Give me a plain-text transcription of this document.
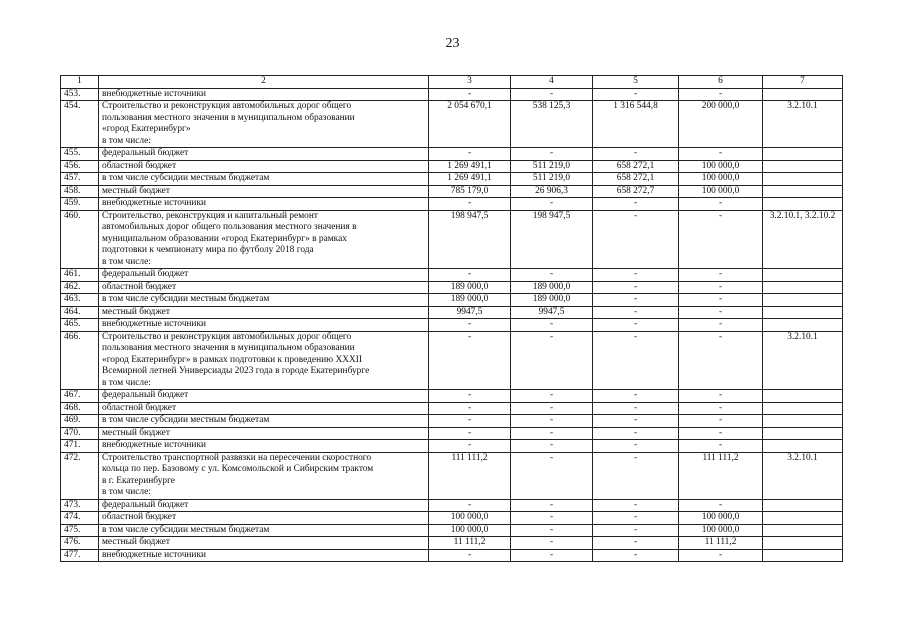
23
1	2	3	4	5	6	7
453.	внебюджетные источники	-	-	-	-	
454.	Строительство и реконструкция автомобильных дорог общего
пользования местного значения в муниципальном образовании
«город Екатеринбург»
в том числе:	2 054 670,1	538 125,3	1 316 544,8	200 000,0	3.2.10.1
455.	федеральный бюджет	-	-	-	-	
456.	областной бюджет	1 269 491,1	511 219,0	658 272,1	100 000,0	
457.	в том числе субсидии местным бюджетам	1 269 491,1	511 219,0	658 272,1	100 000,0	
458.	местный бюджет	785 179,0	26 906,3	658 272,7	100 000,0	
459.	внебюджетные источники	-	-	-	-	
460.	Строительство, реконструкция и капитальный ремонт
автомобильных дорог общего пользования местного значения в
муниципальном образовании «город Екатеринбург» в рамках
подготовки к чемпионату мира по футболу 2018 года
в том числе:	198 947,5	198 947,5	-	-	3.2.10.1, 3.2.10.2
461.	федеральный бюджет	-	-	-	-	
462.	областной бюджет	189 000,0	189 000,0	-	-	
463.	в том числе субсидии местным бюджетам	189 000,0	189 000,0	-	-	
464.	местный бюджет	9947,5	9947,5	-	-	
465.	внебюджетные источники	-	-	-	-	
466.	Строительство и реконструкция автомобильных дорог общего
пользования местного значения в муниципальном образовании
«город Екатеринбург» в рамках подготовки к проведению XXXII
Всемирной летней Универсиады 2023 года в городе Екатеринбурге
в том числе:	-	-	-	-	3.2.10.1
467.	федеральный бюджет	-	-	-	-	
468.	областной бюджет	-	-	-	-	
469.	в том числе субсидии местным бюджетам	-	-	-	-	
470.	местный бюджет	-	-	-	-	
471.	внебюджетные источники	-	-	-	-	
472.	Строительство транспортной развязки на пересечении скоростного
кольца по пер. Базовому с ул. Комсомольской и Сибирским трактом
в г. Екатеринбурге
в том числе:	111 111,2	-	-	111 111,2	3.2.10.1
473.	федеральный бюджет	-	-	-	-	
474.	областной бюджет	100 000,0	-	-	100 000,0	
475.	в том числе субсидии местным бюджетам	100 000,0	-	-	100 000,0	
476.	местный бюджет	11 111,2	-	-	11 111,2	
477.	внебюджетные источники	-	-	-	-	
